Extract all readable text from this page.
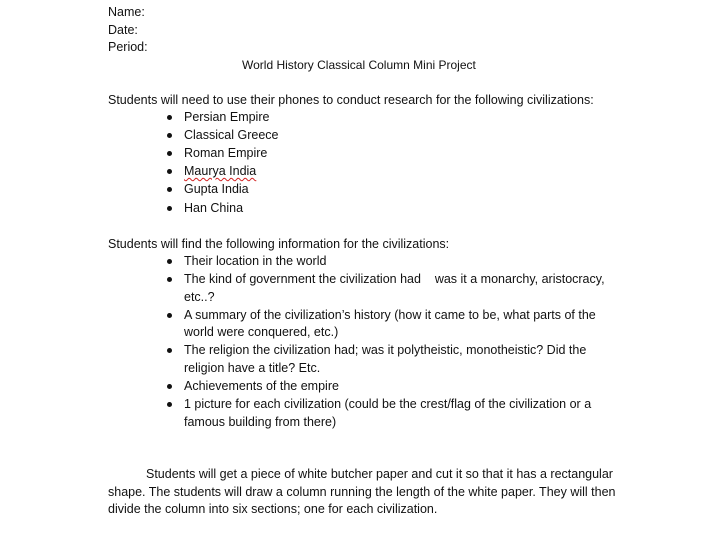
Name:
Date:
Period:
World History Classical Column Mini Project
Students will need to use their phones to conduct research for the following civilizations:
Persian Empire
Classical Greece
Roman Empire
Maurya India
Gupta India
Han China
Students will find the following information for the civilizations:
Their location in the world
The kind of government the civilization had    was it a monarchy, aristocracy,
etc..?
A summary of the civilization’s history (how it came to be, what parts of the
world were conquered, etc.)
The religion the civilization had; was it polytheistic, monotheistic? Did the
religion have a title? Etc.
Achievements of the empire
1 picture for each civilization (could be the crest/flag of the civilization or a
famous building from there)
Students will get a piece of white butcher paper and cut it so that it has a rectangular
shape. The students will draw a column running the length of the white paper. They will then
divide the column into six sections; one for each civilization.
